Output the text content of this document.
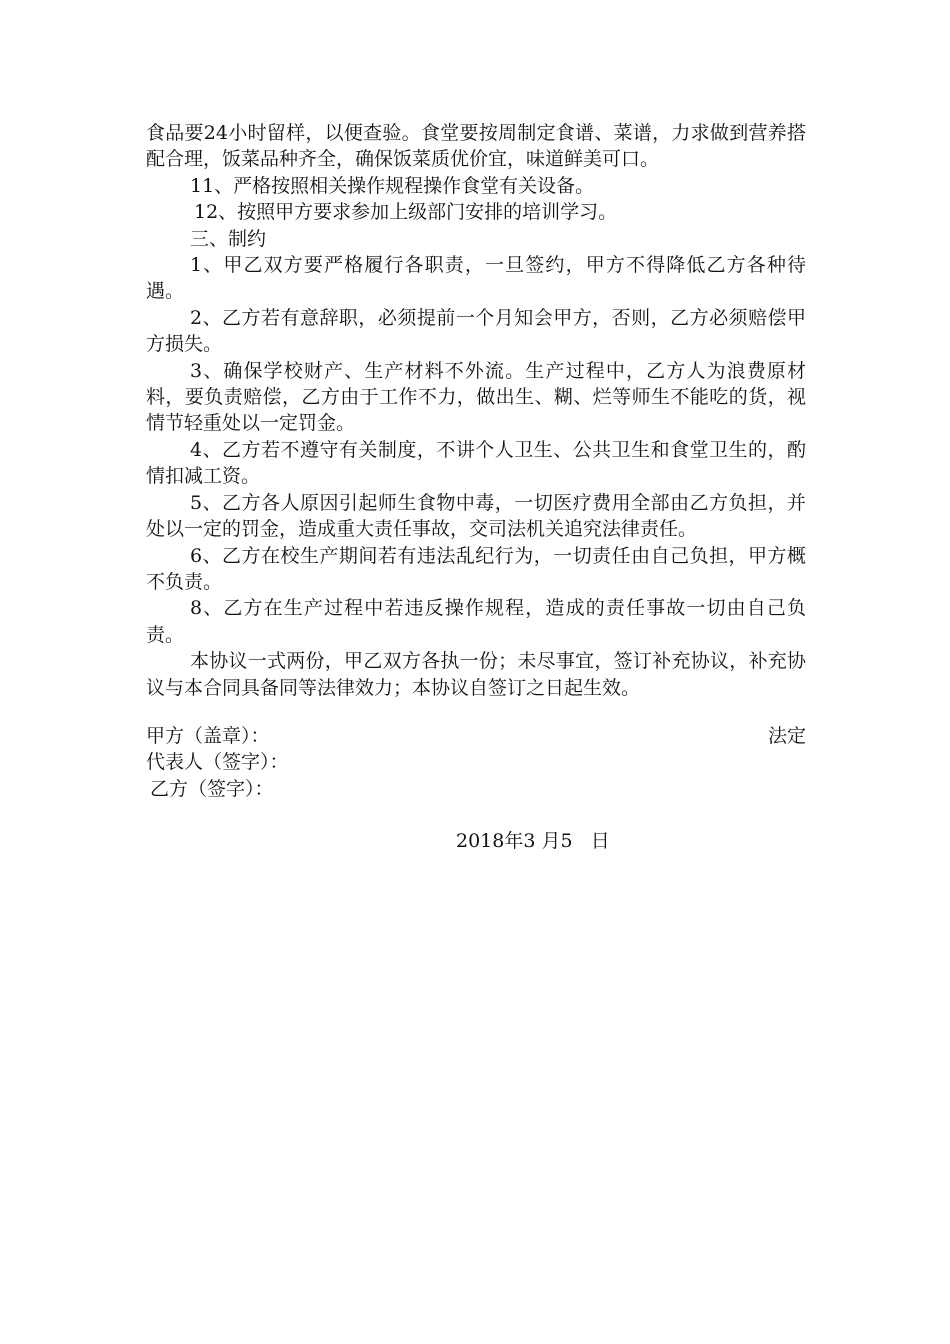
食品要24小时留样，以便查验。食堂要按周制定食谱、菜谱，力求做到营养搭配合理，饭菜品种齐全，确保饭菜质优价宜，味道鲜美可口。

11、严格按照相关操作规程操作食堂有关设备。

12、按照甲方要求参加上级部门安排的培训学习。

三、制约

1、甲乙双方要严格履行各职责，一旦签约，甲方不得降低乙方各种待遇。

2、乙方若有意辞职，必须提前一个月知会甲方，否则，乙方必须赔偿甲方损失。

3、确保学校财产、生产材料不外流。生产过程中，乙方人为浪费原材料，要负责赔偿，乙方由于工作不力，做出生、糊、烂等师生不能吃的货，视情节轻重处以一定罚金。

4、乙方若不遵守有关制度，不讲个人卫生、公共卫生和食堂卫生的，酌情扣减工资。

5、乙方各人原因引起师生食物中毒，一切医疗费用全部由乙方负担，并处以一定的罚金，造成重大责任事故，交司法机关追究法律责任。

6、乙方在校生产期间若有违法乱纪行为，一切责任由自己负担，甲方概不负责。

8、乙方在生产过程中若违反操作规程，造成的责任事故一切由自己负责。

本协议一式两份，甲乙双方各执一份；未尽事宜，签订补充协议，补充协议与本合同具备同等法律效力；本协议自签订之日起生效。

甲方（盖章）：	法定
代表人（签字）：
乙方（签字）：
2018年3 月5   日
